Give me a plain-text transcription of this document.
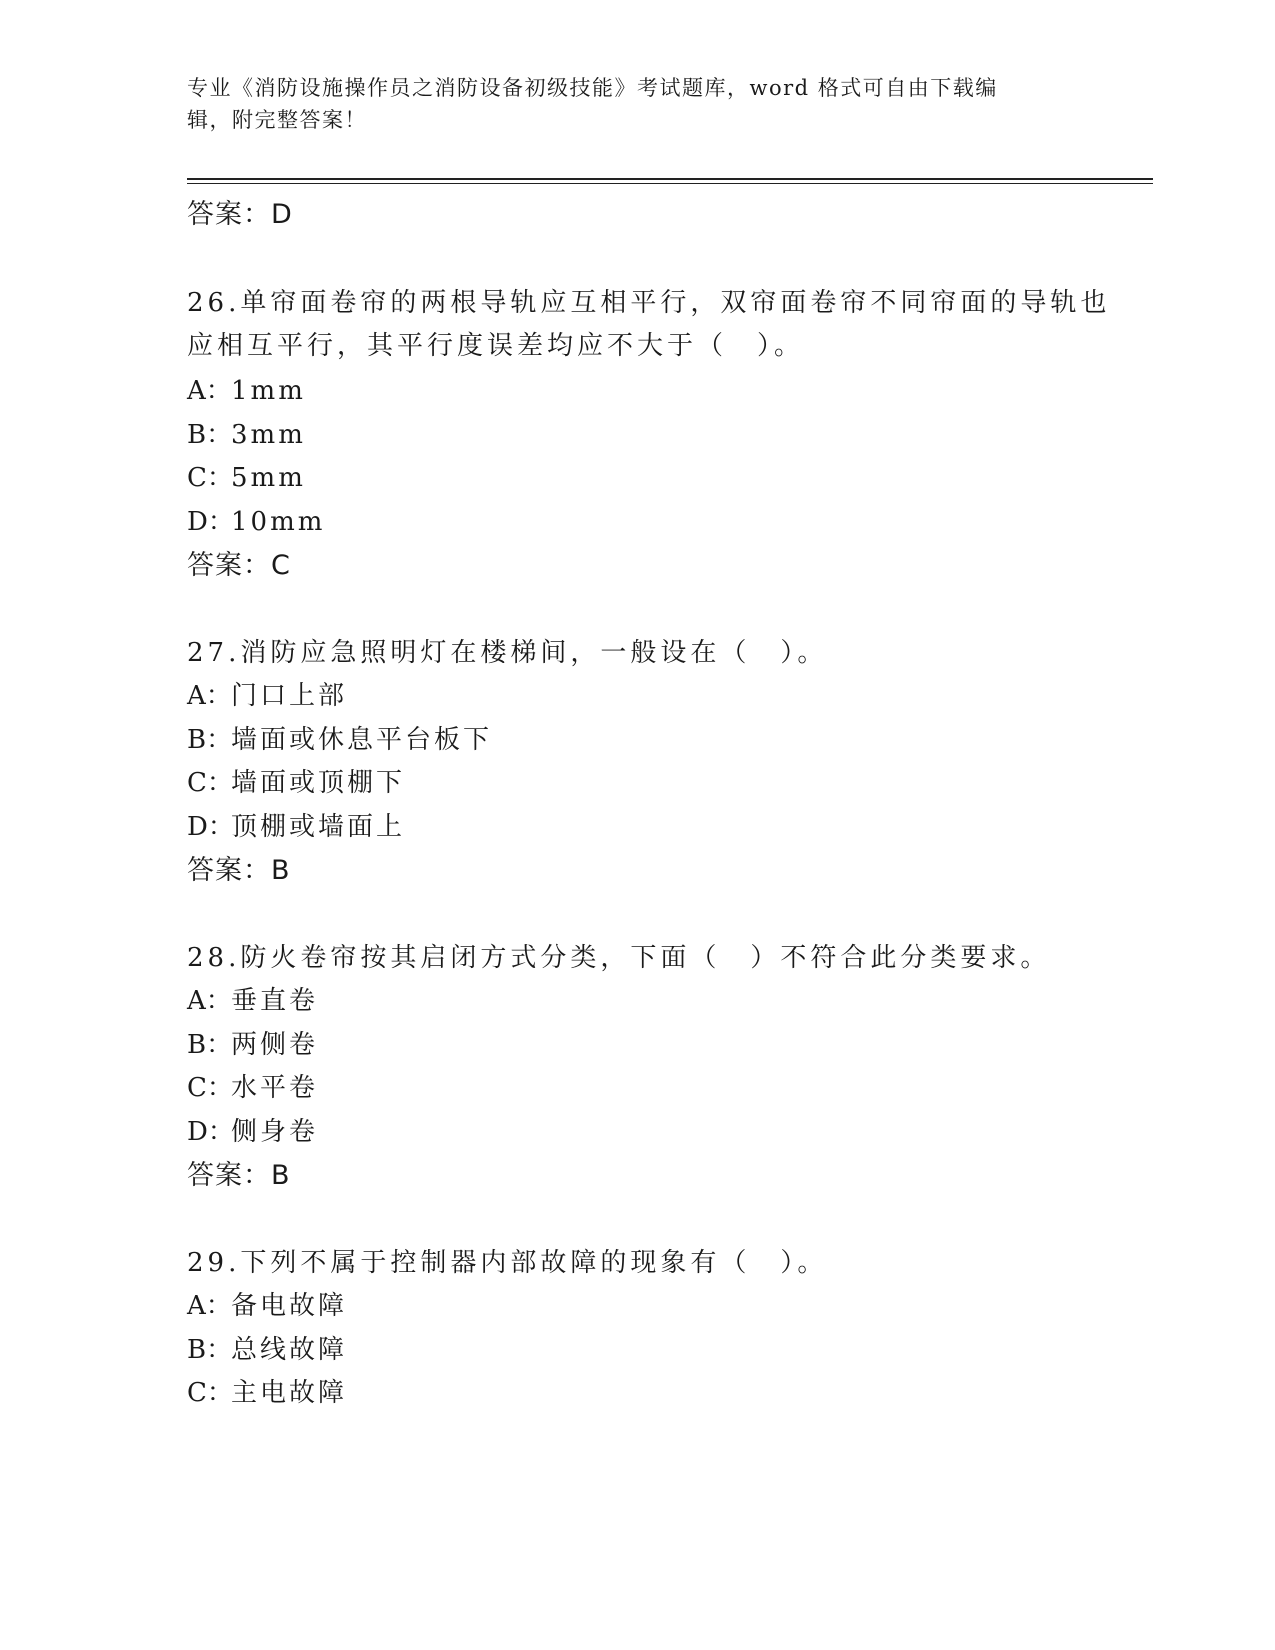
专业《消防设施操作员之消防设备初级技能》考试题库，word 格式可自由下载编
辑，附完整答案！
答案：D
26.单帘面卷帘的两根导轨应互相平行，双帘面卷帘不同帘面的导轨也
应相互平行，其平行度误差均应不大于（　）。
A：1mm
B：3mm
C：5mm
D：10mm
答案：C
27.消防应急照明灯在楼梯间，一般设在（　）。
A：门口上部
B：墙面或休息平台板下
C：墙面或顶棚下
D：顶棚或墙面上
答案：B
28.防火卷帘按其启闭方式分类，下面（　）不符合此分类要求。
A：垂直卷
B：两侧卷
C：水平卷
D：侧身卷
答案：B
29.下列不属于控制器内部故障的现象有（　）。
A：备电故障
B：总线故障
C：主电故障
